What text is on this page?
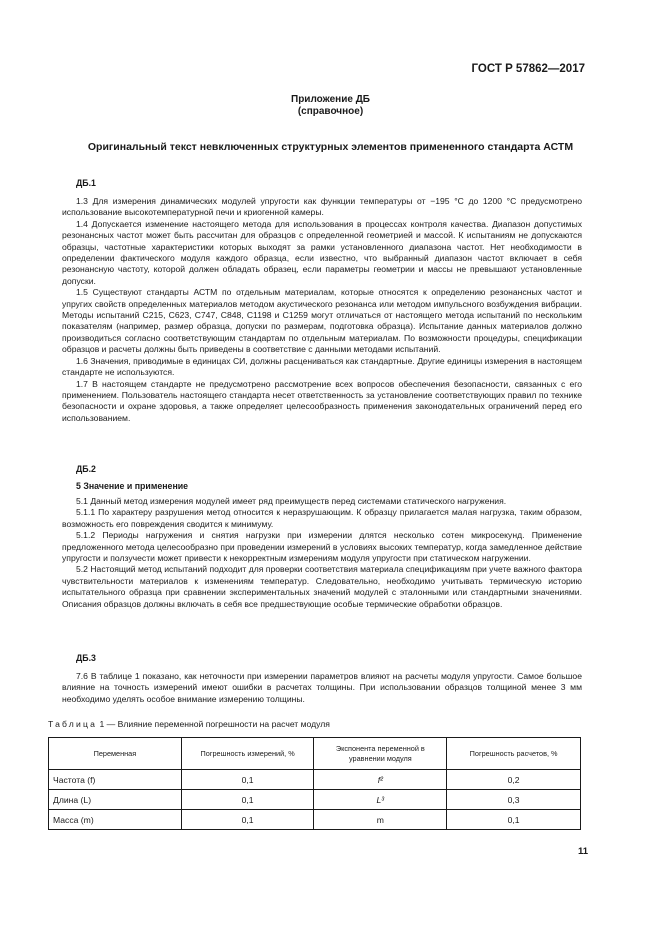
ГОСТ Р 57862—2017
Приложение ДБ
(справочное)
Оригинальный текст невключенных структурных элементов примененного стандарта АСТМ
ДБ.1

1.3 Для измерения динамических модулей упругости как функции температуры от −195 °С до 1200 °С предусмотрено использование высокотемпературной печи и криогенной камеры.

1.4 Допускается изменение настоящего метода для использования в процессах контроля качества. Диапазон допустимых резонансных частот может быть рассчитан для образцов с определенной геометрией и массой. К испытаниям не допускаются образцы, частотные характеристики которых выходят за рамки установленного диапазона частот. Нет необходимости в определении фактического модуля каждого образца, если известно, что выбранный диапазон частот включает в себя резонансную частоту, которой должен обладать образец, если параметры геометрии и массы не превышают установленные допуски.

1.5 Существуют стандарты АСТМ по отдельным материалам, которые относятся к определению резонансных частот и упругих свойств определенных материалов методом акустического резонанса или методом импульсного возбуждения вибрации. Методы испытаний С215, С623, С747, С848, С1198 и С1259 могут отличаться от настоящего метода испытаний по нескольким показателям (например, размер образца, допуски по размерам, подготовка образца). Испытание данных материалов должно производиться согласно соответствующим стандартам по отдельным материалам. По возможности процедуры, спецификации образцов и расчеты должны быть приведены в соответствие с данными методами испытаний.

1.6 Значения, приводимые в единицах СИ, должны расцениваться как стандартные. Другие единицы измерения в настоящем стандарте не используются.

1.7 В настоящем стандарте не предусмотрено рассмотрение всех вопросов обеспечения безопасности, связанных с его применением. Пользователь настоящего стандарта несет ответственность за установление соответствующих правил по технике безопасности и охране здоровья, а также определяет целесообразность применения законодательных ограничений перед его использованием.

ДБ.2
5 Значение и применение

5.1 Данный метод измерения модулей имеет ряд преимуществ перед системами статического нагружения.

5.1.1 По характеру разрушения метод относится к неразрушающим. К образцу прилагается малая нагрузка, таким образом, возможность его повреждения сводится к минимуму.

5.1.2 Периоды нагружения и снятия нагрузки при измерении длятся несколько сотен микросекунд. Применение предложенного метода целесообразно при проведении измерений в условиях высоких температур, когда замедленное действие упругости и ползучести может привести к некорректным измерениям модуля упругости при статическом нагружении.

5.2 Настоящий метод испытаний подходит для проверки соответствия материала спецификациям при учете важного фактора чувствительности материалов к изменениям температур. Следовательно, необходимо учитывать термическую историю испытательного образца при сравнении экспериментальных значений модулей с эталонными или стандартными значениями. Описания образцов должны включать в себя все предшествующие особые термические обработки образцов.

ДБ.3

7.6 В таблице 1 показано, как неточности при измерении параметров влияют на расчеты модуля упругости. Самое большое влияние на точность измерений имеют ошибки в расчетах толщины. При использовании образцов толщиной менее 3 мм необходимо уделять особое внимание измерению толщины.

Таблица 1 — Влияние переменной погрешности на расчет модуля
Переменная	Погрешность измерений, %	Экспонента переменной в уравнении модуля	Погрешность расчетов, %
Частота (f)	0,1	f²	0,2
Длина (L)	0,1	L³	0,3
Масса (m)	0,1	m	0,1
11
